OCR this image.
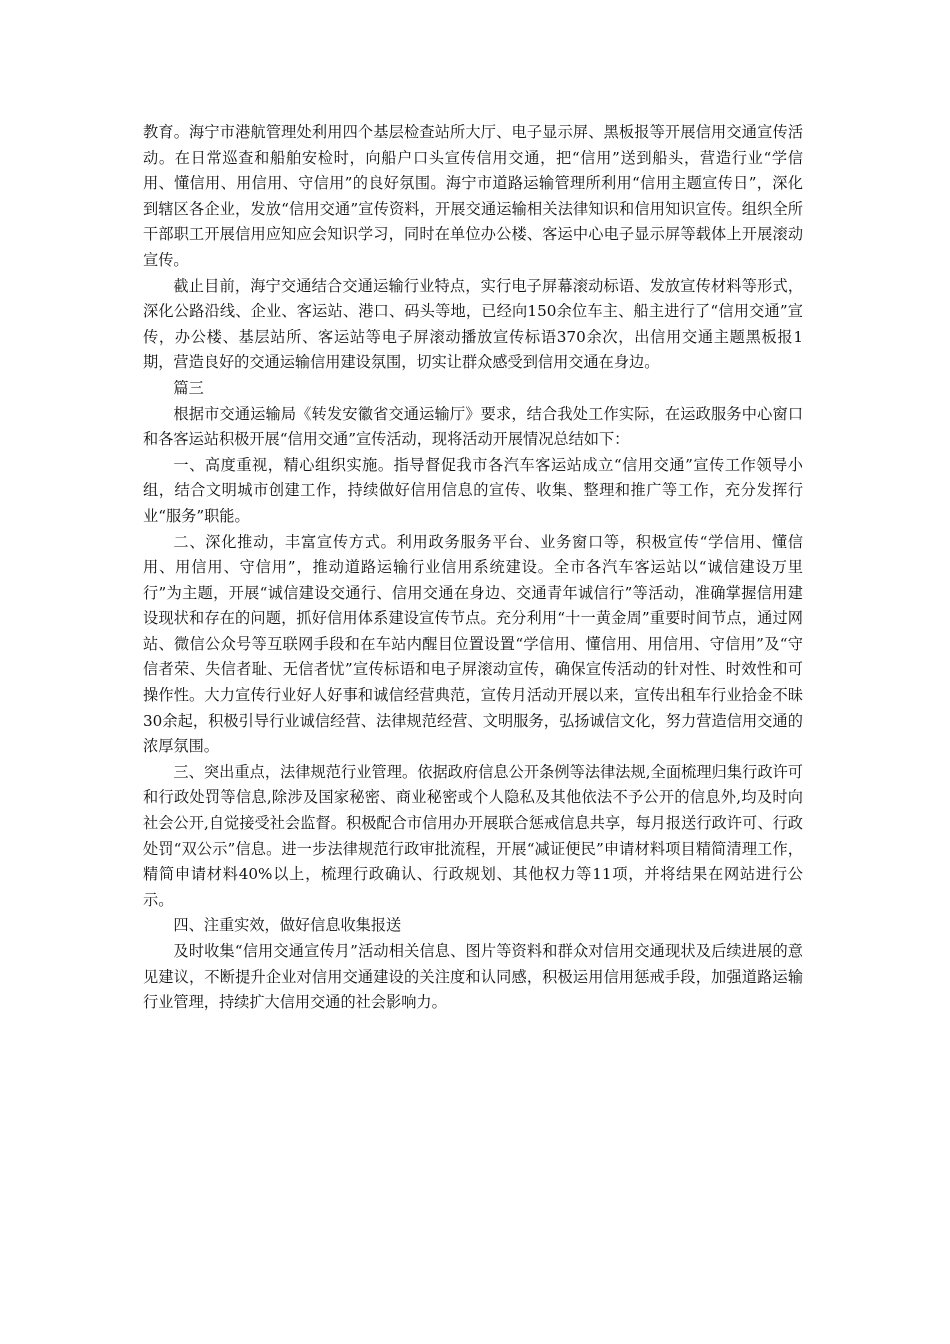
教育。海宁市港航管理处利用四个基层检查站所大厅、电子显示屏、黑板报等开展信用交通宣传活动。在日常巡查和船舶安检时，向船户口头宣传信用交通，把“信用”送到船头，营造行业“学信用、懂信用、用信用、守信用”的良好氛围。海宁市道路运输管理所利用“信用主题宣传日”，深化到辖区各企业，发放“信用交通”宣传资料，开展交通运输相关法律知识和信用知识宣传。组织全所干部职工开展信用应知应会知识学习，同时在单位办公楼、客运中心电子显示屏等载体上开展滚动宣传。

截止目前，海宁交通结合交通运输行业特点，实行电子屏幕滚动标语、发放宣传材料等形式，深化公路沿线、企业、客运站、港口、码头等地，已经向150余位车主、船主进行了“信用交通”宣传，办公楼、基层站所、客运站等电子屏滚动播放宣传标语370余次，出信用交通主题黑板报1期，营造良好的交通运输信用建设氛围，切实让群众感受到信用交通在身边。

篇三

根据市交通运输局《转发安徽省交通运输厅》要求，结合我处工作实际，在运政服务中心窗口和各客运站积极开展“信用交通”宣传活动，现将活动开展情况总结如下：

一、高度重视，精心组织实施。指导督促我市各汽车客运站成立“信用交通”宣传工作领导小组，结合文明城市创建工作，持续做好信用信息的宣传、收集、整理和推广等工作，充分发挥行业“服务”职能。

二、深化推动，丰富宣传方式。利用政务服务平台、业务窗口等，积极宣传“学信用、懂信用、用信用、守信用”，推动道路运输行业信用系统建设。全市各汽车客运站以“诚信建设万里行”为主题，开展“诚信建设交通行、信用交通在身边、交通青年诚信行”等活动，准确掌握信用建设现状和存在的问题，抓好信用体系建设宣传节点。充分利用“十一黄金周”重要时间节点，通过网站、微信公众号等互联网手段和在车站内醒目位置设置“学信用、懂信用、用信用、守信用”及“守信者荣、失信者耻、无信者忧”宣传标语和电子屏滚动宣传，确保宣传活动的针对性、时效性和可操作性。大力宣传行业好人好事和诚信经营典范，宣传月活动开展以来，宣传出租车行业拾金不昧30余起，积极引导行业诚信经营、法律规范经营、文明服务，弘扬诚信文化，努力营造信用交通的浓厚氛围。

三、突出重点，法律规范行业管理。依据政府信息公开条例等法律法规,全面梳理归集行政许可和行政处罚等信息,除涉及国家秘密、商业秘密或个人隐私及其他依法不予公开的信息外,均及时向社会公开,自觉接受社会监督。积极配合市信用办开展联合惩戒信息共享，每月报送行政许可、行政处罚“双公示”信息。进一步法律规范行政审批流程，开展“减证便民”申请材料项目精简清理工作，精简申请材料40%以上，梳理行政确认、行政规划、其他权力等11项，并将结果在网站进行公示。

四、注重实效，做好信息收集报送

及时收集“信用交通宣传月”活动相关信息、图片等资料和群众对信用交通现状及后续进展的意见建议，不断提升企业对信用交通建设的关注度和认同感，积极运用信用惩戒手段，加强道路运输行业管理，持续扩大信用交通的社会影响力。
